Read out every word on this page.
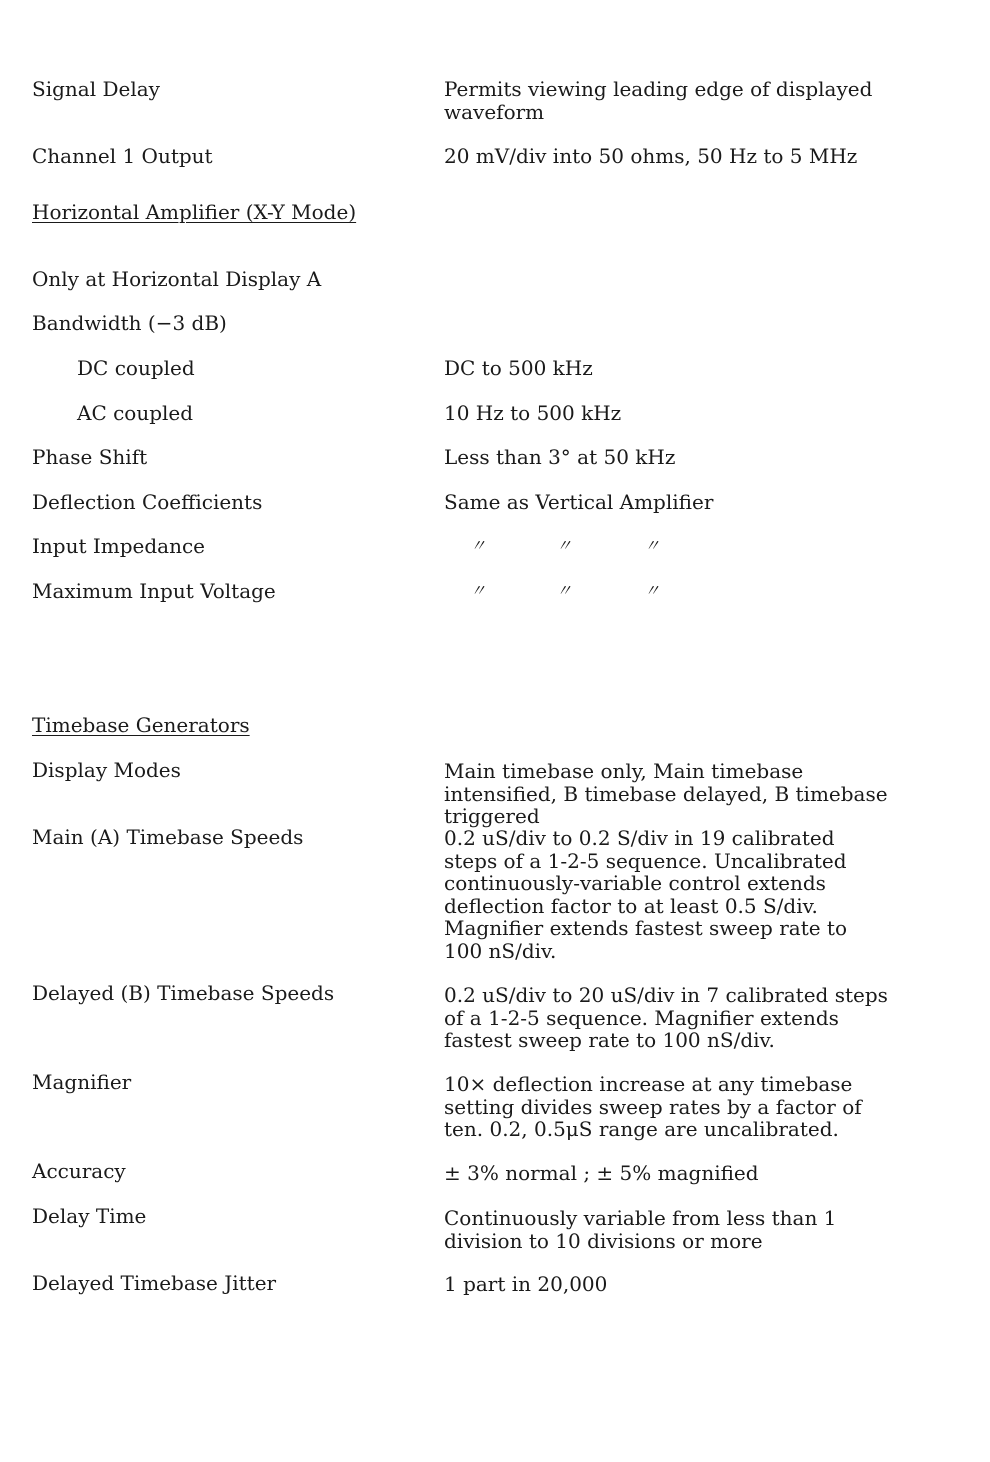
Signal Delay	Permits viewing leading edge of displayed waveform
Channel 1 Output	20 mV/div into 50 ohms, 50 Hz to 5 MHz
Horizontal Amplifier (X-Y Mode)
Only at Horizontal Display A
Bandwidth (−3 dB)
DC coupled	DC to 500 kHz
AC coupled	10 Hz to 500 kHz
Phase Shift	Less than 3° at 50 kHz
Deflection Coefficients	Same as Vertical Amplifier
Input Impedance	〃	〃	〃
Maximum Input Voltage	〃	〃	〃
Timebase Generators
Display Modes	Main timebase only, Main timebase intensified, B timebase delayed, B timebase triggered
Main (A) Timebase Speeds	0.2 uS/div to 0.2 S/div in 19 calibrated steps of a 1-2-5 sequence. Uncalibrated continuously-variable control extends deflection factor to at least 0.5 S/div. Magnifier extends fastest sweep rate to 100 nS/div.
Delayed (B) Timebase Speeds	0.2 uS/div to 20 uS/div in 7 calibrated steps of a 1-2-5 sequence. Magnifier extends fastest sweep rate to 100 nS/div.
Magnifier	10× deflection increase at any timebase setting divides sweep rates by a factor of ten. 0.2, 0.5μS range are uncalibrated.
Accuracy	± 3% normal ; ± 5% magnified
Delay Time	Continuously variable from less than 1 division to 10 divisions or more
Delayed Timebase Jitter	1 part in 20,000
